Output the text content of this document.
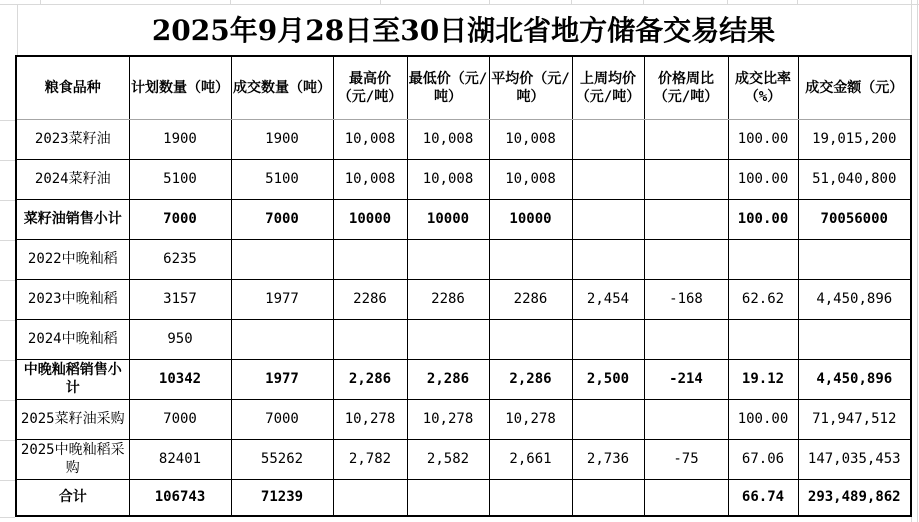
2025年9月28日至30日湖北省地方储备交易结果
粮食品种	计划数量（吨）	成交数量（吨）	最高价（元/吨）	最低价（元/吨）	平均价（元/吨）	上周均价（元/吨）	价格周比（元/吨）	成交比率（%）	成交金额（元）
2023菜籽油	1900	1900	10,008	10,008	10,008			100.00	19,015,200
2024菜籽油	5100	5100	10,008	10,008	10,008			100.00	51,040,800
菜籽油销售小计	7000	7000	10000	10000	10000			100.00	70056000
2022中晚籼稻	6235								
2023中晚籼稻	3157	1977	2286	2286	2286	2,454	-168	62.62	4,450,896
2024中晚籼稻	950								
中晚籼稻销售小计	10342	1977	2,286	2,286	2,286	2,500	-214	19.12	4,450,896
2025菜籽油采购	7000	7000	10,278	10,278	10,278			100.00	71,947,512
2025中晚籼稻采购	82401	55262	2,782	2,582	2,661	2,736	-75	67.06	147,035,453
合计	106743	71239						66.74	293,489,862
